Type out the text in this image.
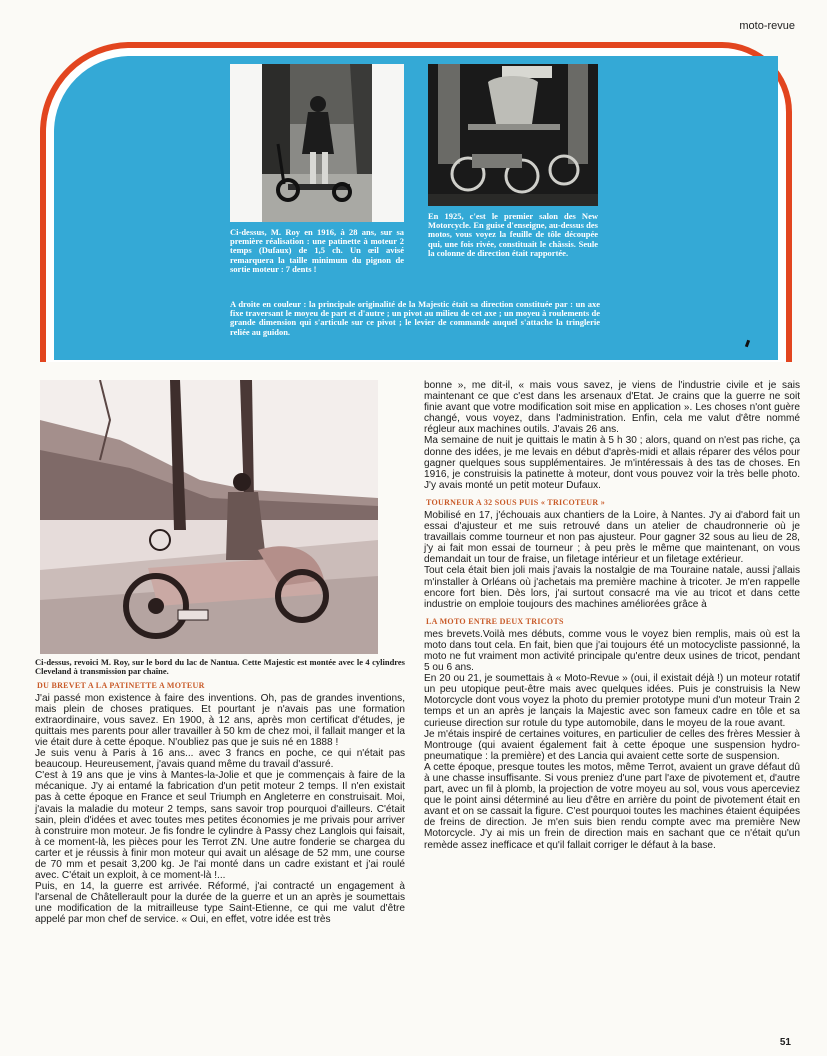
moto-revue
Ci-dessus, M. Roy en 1916, à 28 ans, sur sa première réalisation : une patinette à moteur 2 temps (Dufaux) de 1,5 ch. Un œil avisé remarquera la taille minimum du pignon de sortie moteur : 7 dents !
En 1925, c'est le premier salon des New Motorcycle. En guise d'enseigne, au-dessus des motos, vous voyez la feuille de tôle découpée qui, une fois rivée, constituait le châssis. Seule la colonne de direction était rapportée.
A droite en couleur : la principale originalité de la Majestic était sa direction constituée par : un axe fixe traversant le moyeu de part et d'autre ; un pivot au milieu de cet axe ; un moyeu à roulements de grande dimension qui s'articule sur ce pivot ; le levier de commande auquel s'attache la tringlerie reliée au guidon.
Ci-dessus, revoici M. Roy, sur le bord du lac de Nantua. Cette Majestic est montée avec le 4 cylindres Cleveland à transmission par chaîne.
DU BREVET A LA PATINETTE A MOTEUR

J'ai passé mon existence à faire des inventions. Oh, pas de grandes inventions, mais plein de choses pratiques. Et pourtant je n'avais pas une formation extraordinaire, vous savez. En 1900, à 12 ans, après mon certificat d'études, je quittais mes parents pour aller travailler à 50 km de chez moi, il fallait manger et la vie était dure à cette époque. N'oubliez pas que je suis né en 1888 !

Je suis venu à Paris à 16 ans... avec 3 francs en poche, ce qui n'était pas beaucoup. Heureusement, j'avais quand même du travail d'assuré.

C'est à 19 ans que je vins à Mantes-la-Jolie et que je commençais à faire de la mécanique. J'y ai entamé la fabrication d'un petit moteur 2 temps. Il n'en existait pas à cette époque en France et seul Triumph en Angleterre en construisait. Moi, j'avais la maladie du moteur 2 temps, sans savoir trop pourquoi d'ailleurs. C'était sain, plein d'idées et avec toutes mes petites économies je me privais pour arriver à construire mon moteur. Je fis fondre le cylindre à Passy chez Langlois qui faisait, à ce moment-là, les pièces pour les Terrot ZN. Une autre fonderie se chargea du carter et je réussis à finir mon moteur qui avait un alésage de 52 mm, une course de 70 mm et pesait 3,200 kg. Je l'ai monté dans un cadre existant et j'ai roulé avec. C'était un exploit, à ce moment-là !...

Puis, en 14, la guerre est arrivée. Réformé, j'ai contracté un engagement à l'arsenal de Châtellerault pour la durée de la guerre et un an après je soumettais une modification de la mitrailleuse type Saint-Etienne, ce qui me valut d'être appelé par mon chef de service. « Oui, en effet, votre idée est très

bonne », me dit-il, « mais vous savez, je viens de l'industrie civile et je sais maintenant ce que c'est dans les arsenaux d'Etat. Je crains que la guerre ne soit finie avant que votre modification soit mise en application ». Les choses n'ont guère changé, vous voyez, dans l'administration. Enfin, cela me valut d'être nommé régleur aux machines outils. J'avais 26 ans.

Ma semaine de nuit je quittais le matin à 5 h 30 ; alors, quand on n'est pas riche, ça donne des idées, je me levais en début d'après-midi et allais réparer des vélos pour gagner quelques sous supplémentaires. Je m'intéressais à des tas de choses. En 1916, je construisis la patinette à moteur, dont vous pouvez voir la très belle photo. J'y avais monté un petit moteur Dufaux.

TOURNEUR A 32 SOUS PUIS « TRICOTEUR »

Mobilisé en 17, j'échouais aux chantiers de la Loire, à Nantes. J'y ai d'abord fait un essai d'ajusteur et me suis retrouvé dans un atelier de chaudronnerie où je travaillais comme tourneur et non pas ajusteur. Pour gagner 32 sous au lieu de 28, j'y ai fait mon essai de tourneur ; à peu près le même que maintenant, on vous demandait un tour de fraise, un filetage intérieur et un filetage extérieur.

Tout cela était bien joli mais j'avais la nostalgie de ma Touraine natale, aussi j'allais m'installer à Orléans où j'achetais ma première machine à tricoter. Je m'en rappelle encore fort bien. Dès lors, j'ai surtout consacré ma vie au tricot et dans cette industrie on emploie toujours des machines améliorées grâce à

LA MOTO ENTRE DEUX TRICOTS

mes brevets.Voilà mes débuts, comme vous le voyez bien remplis, mais où est la moto dans tout cela. En fait, bien que j'ai toujours été un motocycliste passionné, la moto ne fut vraiment mon activité principale qu'entre deux usines de tricot, pendant 5 ou 6 ans.

En 20 ou 21, je soumettais à « Moto-Revue » (oui, il existait déjà !) un moteur rotatif un peu utopique peut-être mais avec quelques idées. Puis je construisis la New Motorcycle dont vous voyez la photo du premier prototype muni d'un moteur Train 2 temps et un an après je lançais la Majestic avec son fameux cadre en tôle et sa curieuse direction sur rotule du type automobile, dans le moyeu de la roue avant.

Je m'étais inspiré de certaines voitures, en particulier de celles des frères Messier à Montrouge (qui avaient également fait à cette époque une suspension hydro-pneumatique : la première) et des Lancia qui avaient cette sorte de suspension.

A cette époque, presque toutes les motos, même Terrot, avaient un grave défaut dû à une chasse insuffisante. Si vous preniez d'une part l'axe de pivotement et, d'autre part, avec un fil à plomb, la projection de votre moyeu au sol, vous vous aperceviez que le point ainsi déterminé au lieu d'être en arrière du point de pivotement était en avant et on se cassait la figure. C'est pourquoi toutes les machines étaient équipées de freins de direction. Je m'en suis bien rendu compte avec ma première New Motorcycle. J'y ai mis un frein de direction mais en sachant que ce n'était qu'un remède assez inefficace et qu'il fallait corriger le défaut à la base.

51
